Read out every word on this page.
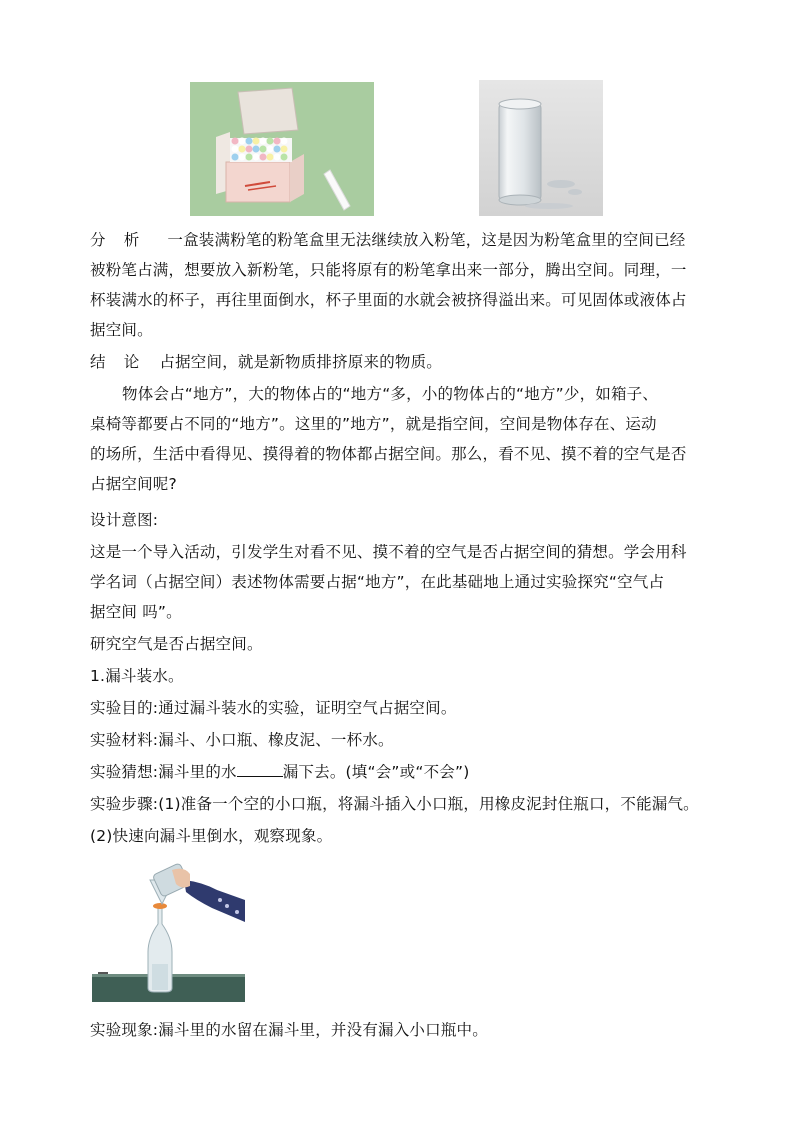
分 析 一盒装满粉笔的粉笔盒里无法继续放入粉笔，这是因为粉笔盒里的空间已经
被粉笔占满，想要放入新粉笔，只能将原有的粉笔拿出来一部分，腾出空间。同理，一
杯装满水的杯子，再往里面倒水，杯子里面的水就会被挤得溢出来。可见固体或液体占
据空间。
结 论 占据空间，就是新物质排挤原来的物质。
物体会占“地方”，大的物体占的“地方“多，小的物体占的“地方”少，如箱子、
桌椅等都要占不同的“地方”。这里的”地方”，就是指空间，空间是物体存在、运动
的场所，生活中看得见、摸得着的物体都占据空间。那么，看不见、摸不着的空气是否
占据空间呢?
设计意图:
这是一个导入活动，引发学生对看不见、摸不着的空气是否占据空间的猜想。学会用科
学名词（占据空间）表述物体需要占据“地方”，在此基础地上通过实验探究“空气占
据空间 吗”。
研究空气是否占据空间。
1.漏斗装水。
实验目的:通过漏斗装水的实验，证明空气占据空间。
实验材料:漏斗、小口瓶、橡皮泥、一杯水。
实验猜想:漏斗里的水	漏下去。(填“会”或“不会”)
实验步骤:(1)准备一个空的小口瓶，将漏斗插入小口瓶，用橡皮泥封住瓶口，不能漏气。
(2)快速向漏斗里倒水，观察现象。
实验现象:漏斗里的水留在漏斗里，并没有漏入小口瓶中。
